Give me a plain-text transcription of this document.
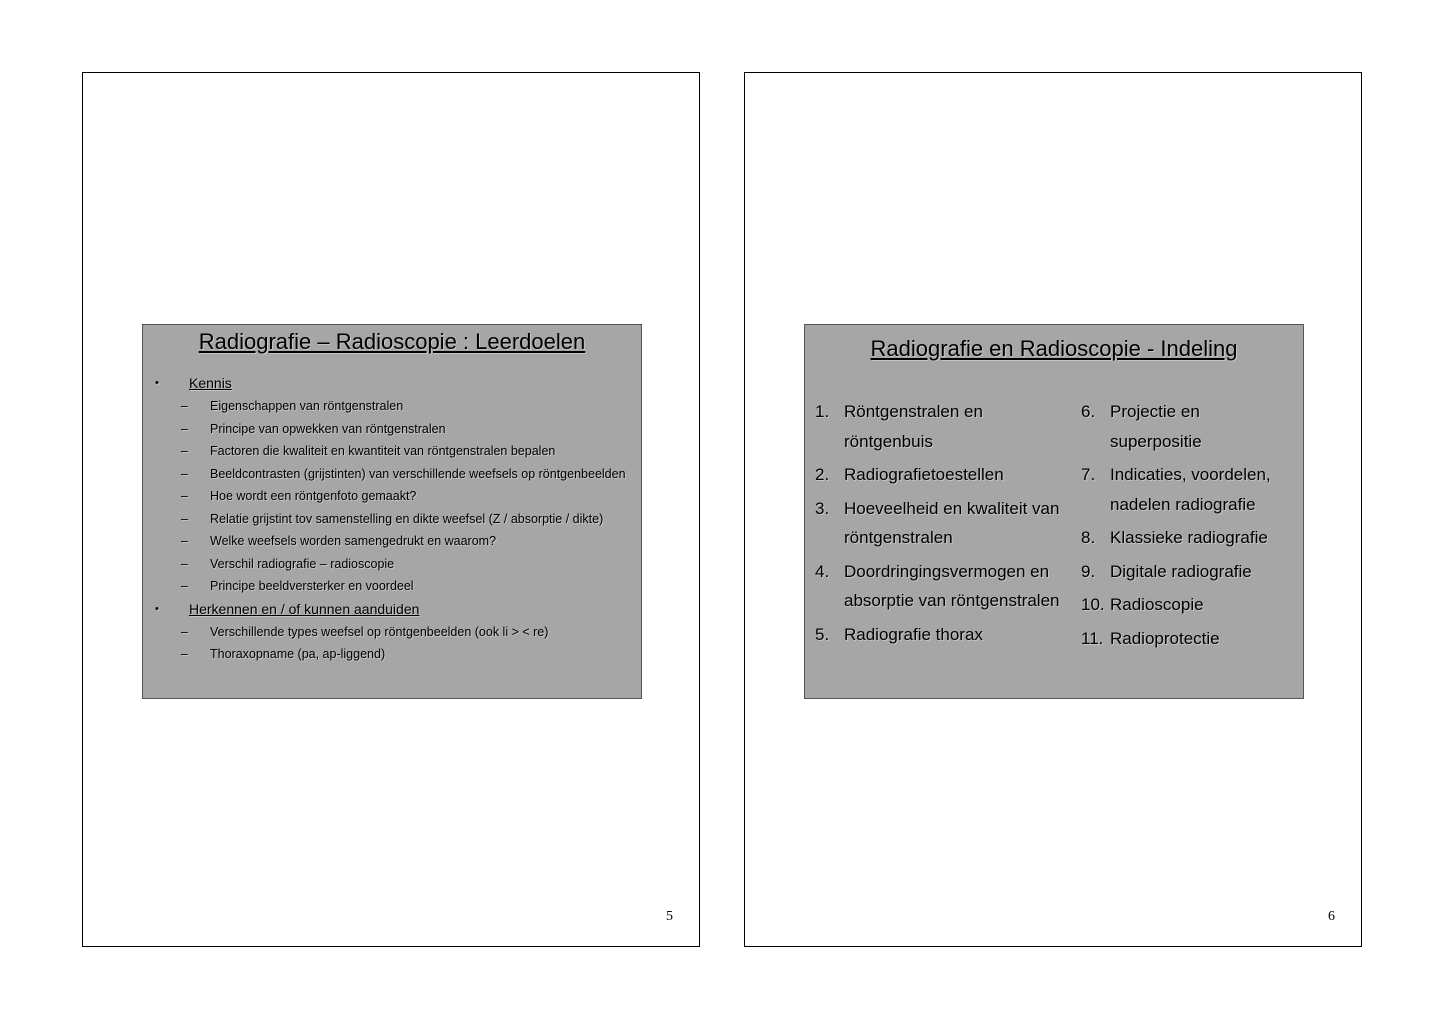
Radiografie – Radioscopie : Leerdoelen
• Kennis
– Eigenschappen van röntgenstralen
– Principe van opwekken van röntgenstralen
– Factoren die kwaliteit en kwantiteit van röntgenstralen bepalen
– Beeldcontrasten (grijstinten) van verschillende weefsels op röntgenbeelden
– Hoe wordt een röntgenfoto gemaakt?
– Relatie grijstint tov samenstelling en dikte weefsel (Z / absorptie / dikte)
– Welke weefsels worden samengedrukt en waarom?
– Verschil radiografie – radioscopie
– Principe beeldversterker en voordeel
• Herkennen en / of kunnen aanduiden
– Verschillende types weefsel op röntgenbeelden (ook li > < re)
– Thoraxopname (pa, ap-liggend)
5
Radiografie en Radioscopie - Indeling
1. Röntgenstralen en röntgenbuis
2. Radiografietoestellen
3. Hoeveelheid en kwaliteit van röntgenstralen
4. Doordringingsvermogen en absorptie van röntgenstralen
5. Radiografie thorax
6. Projectie en superpositie
7. Indicaties, voordelen, nadelen radiografie
8. Klassieke radiografie
9. Digitale radiografie
10. Radioscopie
11. Radioprotectie
6
